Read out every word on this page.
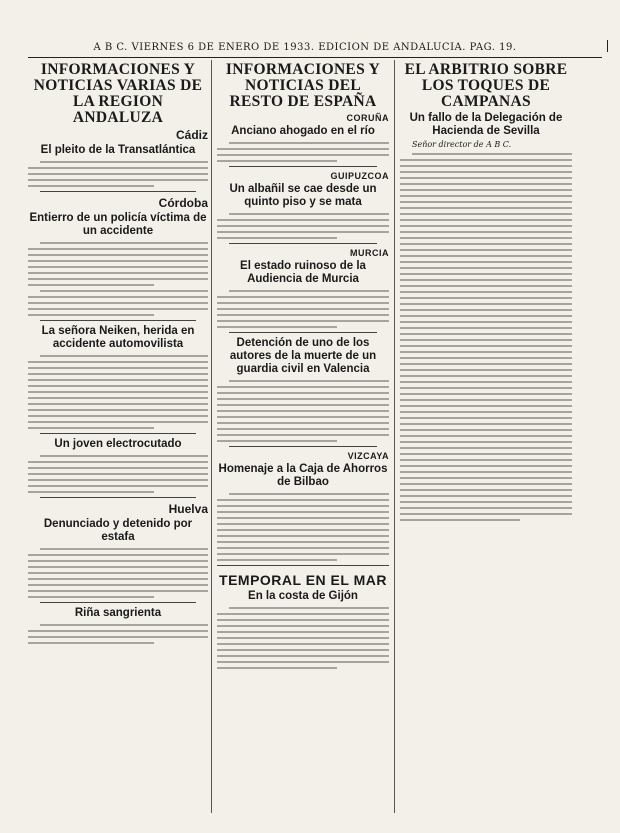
A B C. VIERNES 6 DE ENERO DE 1933. EDICION DE ANDALUCIA. PAG. 19.
INFORMACIONES Y NOTICIAS VARIAS DE LA REGION ANDALUZA
Cádiz
El pleito de la Transatlántica
Córdoba
Entierro de un policía víctima de un accidente
La señora Neiken, herida en accidente automovilista
Un joven electrocutado
Huelva
Denunciado y detenido por estafa
Riña sangrienta
INFORMACIONES Y NOTICIAS DEL RESTO DE ESPAÑA
CORUÑA
Anciano ahogado en el río
GUIPUZCOA
Un albañil se cae desde un quinto piso y se mata
MURCIA
El estado ruinoso de la Audiencia de Murcia
Detención de uno de los autores de la muerte de un guardia civil en Valencia
VIZCAYA
Homenaje a la Caja de Ahorros de Bilbao
TEMPORAL EN EL MAR
En la costa de Gijón
EL ARBITRIO SOBRE LOS TOQUES DE CAMPANAS
Un fallo de la Delegación de Hacienda de Sevilla
Señor director de A B C.
